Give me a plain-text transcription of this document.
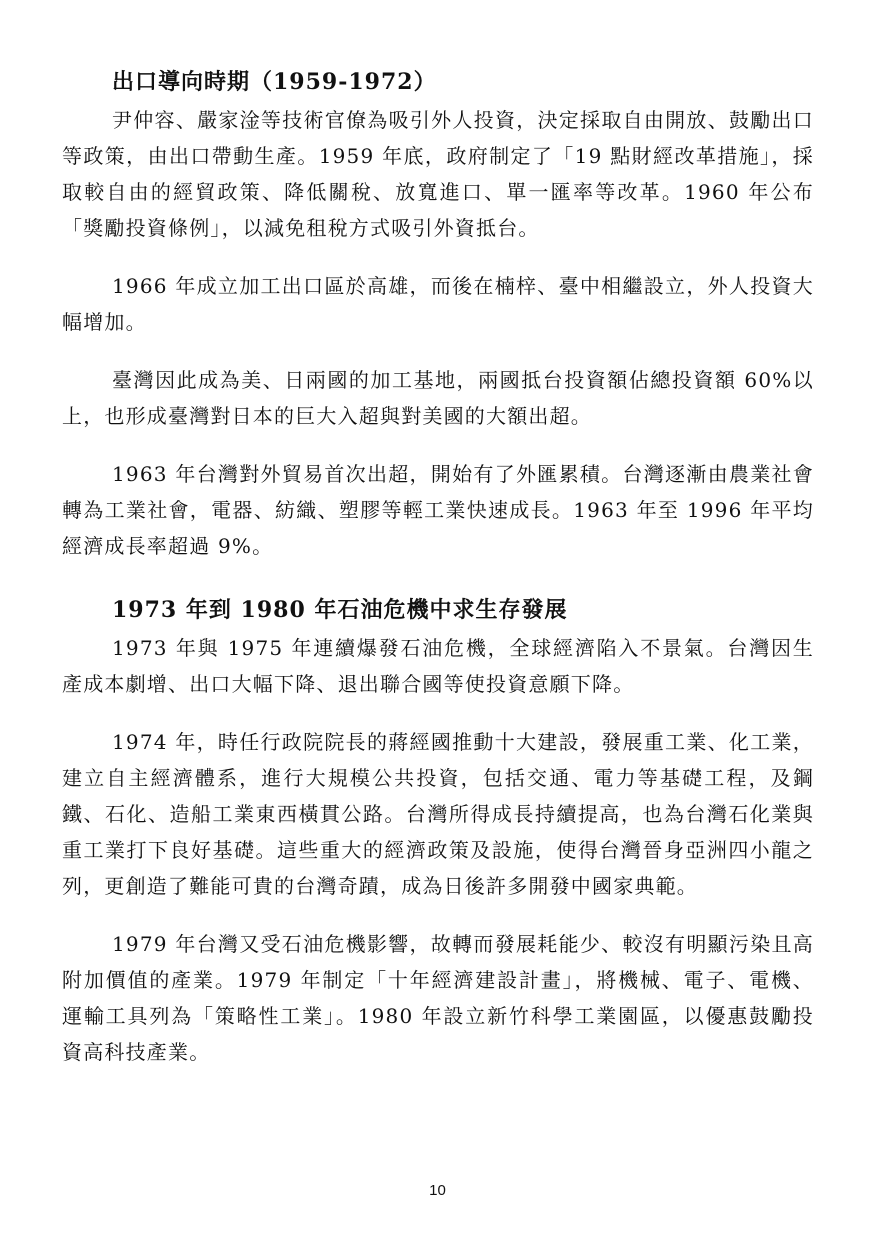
出口導向時期（1959-1972）

尹仲容、嚴家淦等技術官僚為吸引外人投資，決定採取自由開放、鼓勵出口等政策，由出口帶動生產。1959 年底，政府制定了「19 點財經改革措施」，採取較自由的經貿政策、降低關稅、放寬進口、單一匯率等改革。1960 年公布「獎勵投資條例」，以減免租稅方式吸引外資抵台。

1966 年成立加工出口區於高雄，而後在楠梓、臺中相繼設立，外人投資大幅增加。

臺灣因此成為美、日兩國的加工基地，兩國抵台投資額佔總投資額 60%以上，也形成臺灣對日本的巨大入超與對美國的大額出超。

1963 年台灣對外貿易首次出超，開始有了外匯累積。台灣逐漸由農業社會轉為工業社會，電器、紡織、塑膠等輕工業快速成長。1963 年至 1996 年平均經濟成長率超過 9%。

1973 年到 1980 年石油危機中求生存發展

1973 年與 1975 年連續爆發石油危機，全球經濟陷入不景氣。台灣因生產成本劇增、出口大幅下降、退出聯合國等使投資意願下降。

1974 年，時任行政院院長的蔣經國推動十大建設，發展重工業、化工業，建立自主經濟體系，進行大規模公共投資，包括交通、電力等基礎工程，及鋼鐵、石化、造船工業東西橫貫公路。台灣所得成長持續提高，也為台灣石化業與重工業打下良好基礎。這些重大的經濟政策及設施，使得台灣晉身亞洲四小龍之列，更創造了難能可貴的台灣奇蹟，成為日後許多開發中國家典範。

1979 年台灣又受石油危機影響，故轉而發展耗能少、較沒有明顯污染且高附加價值的產業。1979 年制定「十年經濟建設計畫」，將機械、電子、電機、運輸工具列為「策略性工業」。1980 年設立新竹科學工業園區，以優惠鼓勵投資高科技產業。

10
